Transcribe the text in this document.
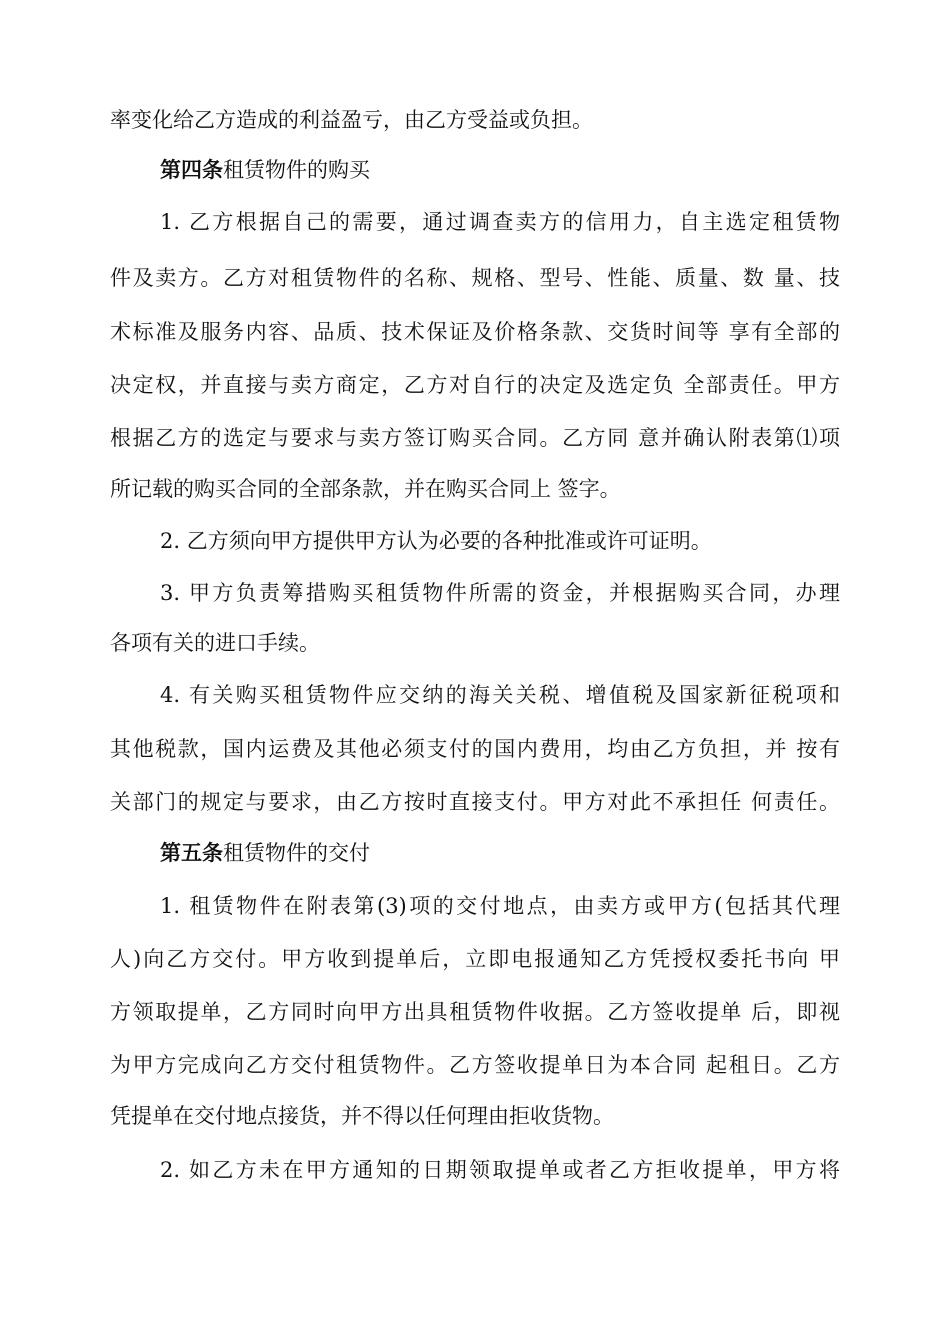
率变化给乙方造成的利益盈亏，由乙方受益或负担。
第四条租赁物件的购买
1. 乙方根据自己的需要，通过调查卖方的信用力，自主选定租赁物
件及卖方。乙方对租赁物件的名称、规格、型号、性能、质量、数 量、技
术标准及服务内容、品质、技术保证及价格条款、交货时间等 享有全部的
决定权，并直接与卖方商定，乙方对自行的决定及选定负 全部责任。甲方
根据乙方的选定与要求与卖方签订购买合同。乙方同 意并确认附表第⑴项
所记载的购买合同的全部条款，并在购买合同上 签字。
2. 乙方须向甲方提供甲方认为必要的各种批准或许可证明。
3. 甲方负责筹措购买租赁物件所需的资金，并根据购买合同，办理
各项有关的进口手续。
4. 有关购买租赁物件应交纳的海关关税、增值税及国家新征税项和
其他税款，国内运费及其他必须支付的国内费用，均由乙方负担，并 按有
关部门的规定与要求，由乙方按时直接支付。甲方对此不承担任 何责任。
第五条租赁物件的交付
1. 租赁物件在附表第(3)项的交付地点，由卖方或甲方(包括其代理
人)向乙方交付。甲方收到提单后，立即电报通知乙方凭授权委托书向 甲
方领取提单，乙方同时向甲方出具租赁物件收据。乙方签收提单 后，即视
为甲方完成向乙方交付租赁物件。乙方签收提单日为本合同 起租日。乙方
凭提单在交付地点接货，并不得以任何理由拒收货物。
2. 如乙方未在甲方通知的日期领取提单或者乙方拒收提单，甲方将
